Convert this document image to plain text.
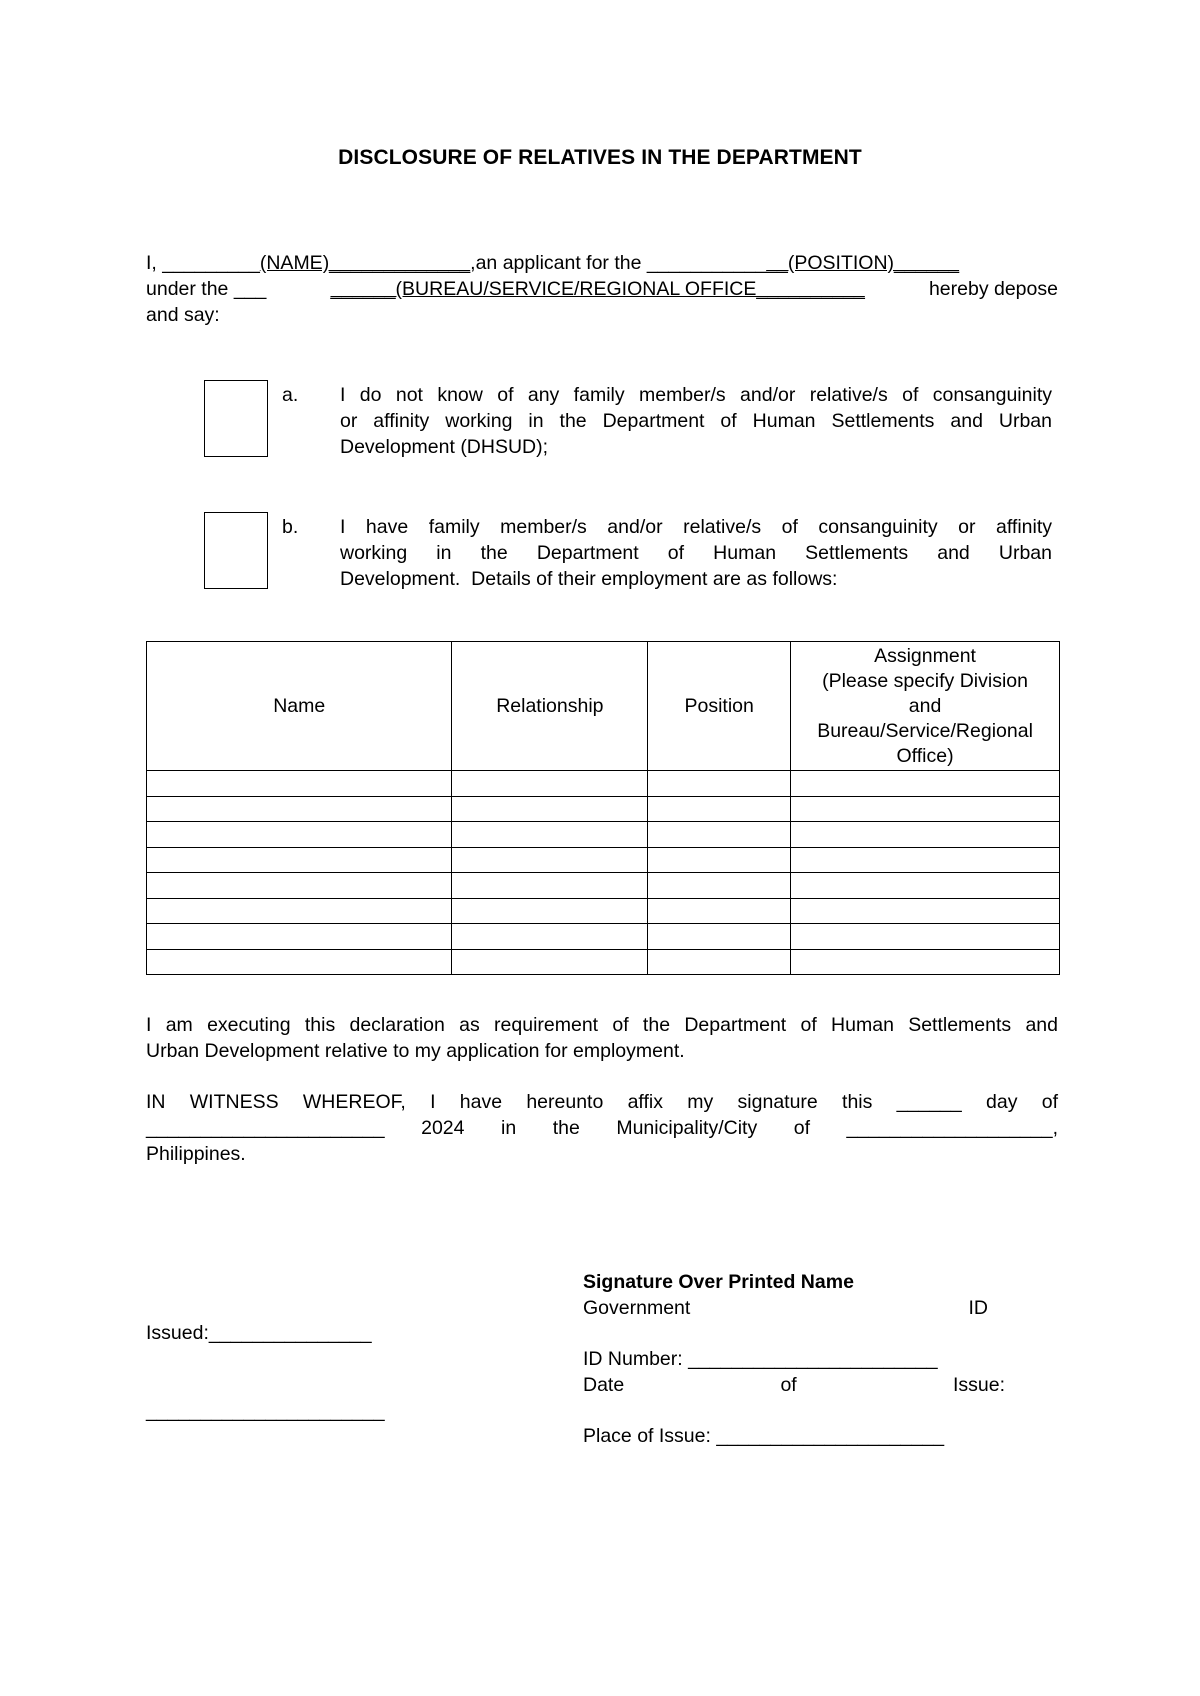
DISCLOSURE OF RELATIVES IN THE DEPARTMENT
I, _________(NAME)_____________,an applicant for the _____________(POSITION)______
under the ___	______(BUREAU/SERVICE/REGIONAL OFFICE__________	hereby depose
and say:
a. I do not know of any family member/s and/or relative/s of consanguinity
or affinity working in the Department of Human Settlements and Urban
Development (DHSUD);
b. I have family member/s and/or relative/s of consanguinity or affinity
working in the Department of Human Settlements and Urban
Development.  Details of their employment are as follows:
Name	Relationship	Position	Assignment
(Please specify Division
and
Bureau/Service/Regional
Office)

I am executing this declaration as requirement of the Department of Human Settlements and
Urban Development relative to my application for employment.
IN WITNESS WHEREOF, I have hereunto affix my signature this ______ day of
______________________ 2024 in the Municipality/City of ___________________,
Philippines.
Signature Over Printed Name
Government	ID
ID Number: _______________________
Date	of	Issue:
Place of Issue: _____________________
Issued:_______________
______________________
